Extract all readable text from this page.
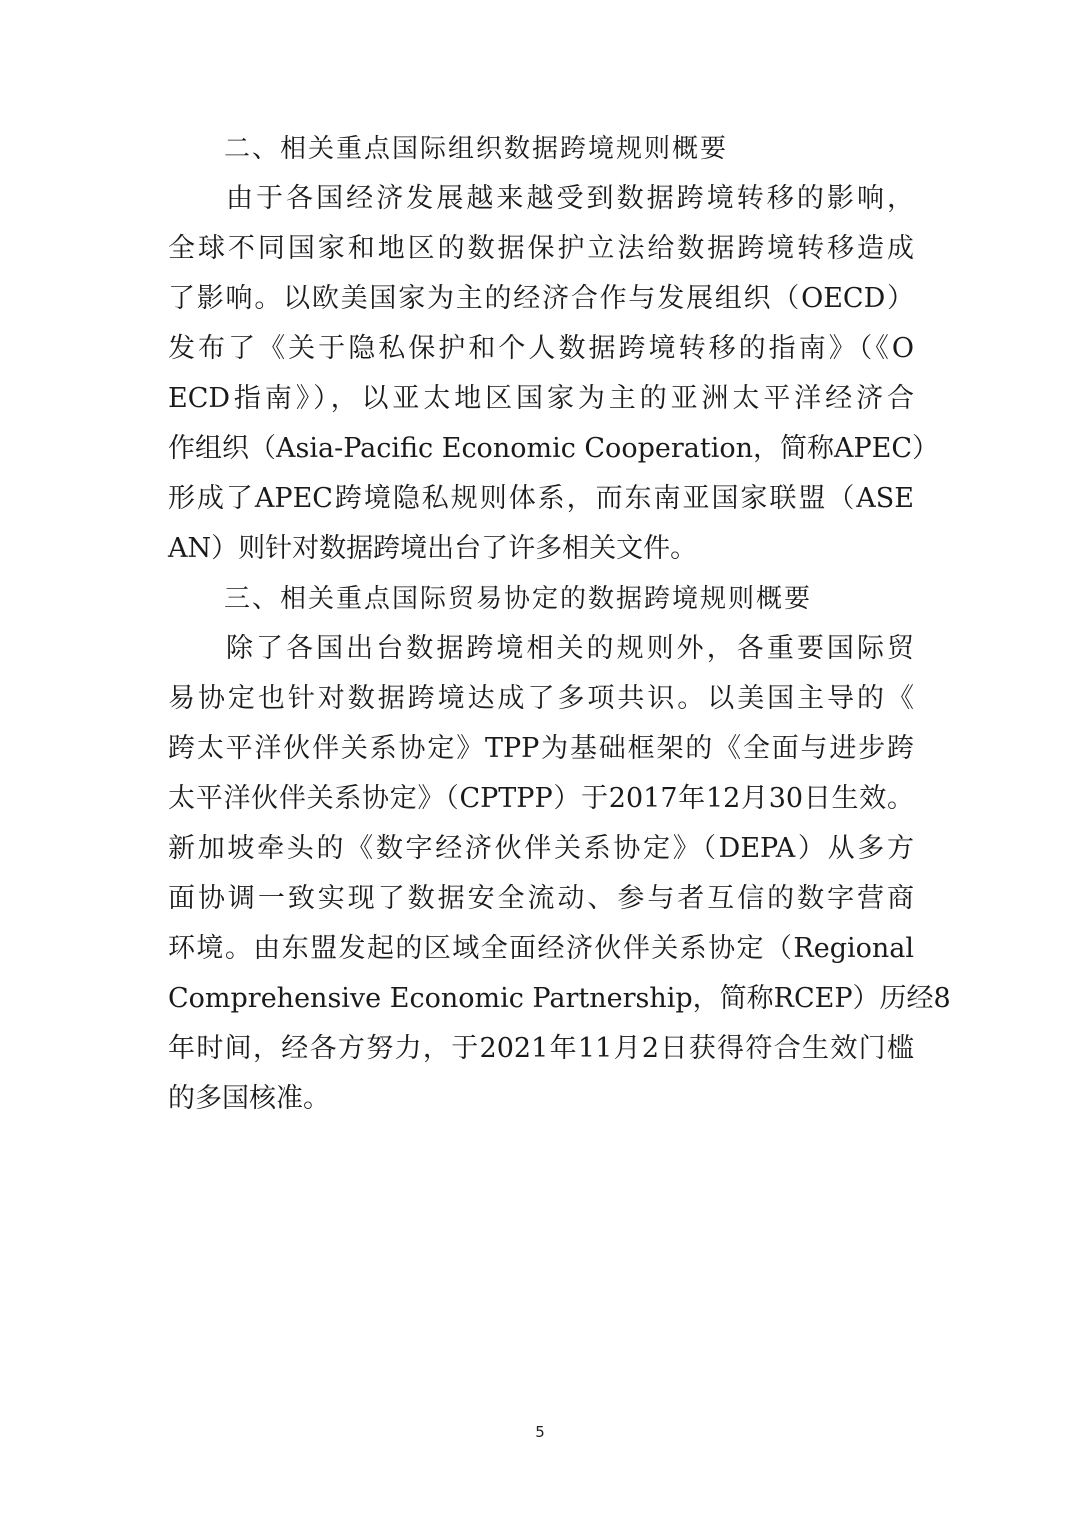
二、相关重点国际组织数据跨境规则概要
由于各国经济发展越来越受到数据跨境转移的影响，
全球不同国家和地区的数据保护立法给数据跨境转移造成
了影响。以欧美国家为主的经济合作与发展组织（OECD）
发布了《关于隐私保护和个人数据跨境转移的指南》（《O
ECD指南》），以亚太地区国家为主的亚洲太平洋经济合
作组织（Asia-Pacific Economic Cooperation，简称APEC）
形成了APEC跨境隐私规则体系，而东南亚国家联盟（ASE
AN）则针对数据跨境出台了许多相关文件。
三、相关重点国际贸易协定的数据跨境规则概要
除了各国出台数据跨境相关的规则外，各重要国际贸
易协定也针对数据跨境达成了多项共识。以美国主导的《
跨太平洋伙伴关系协定》TPP为基础框架的《全面与进步跨
太平洋伙伴关系协定》（CPTPP）于2017年12月30日生效。
新加坡牵头的《数字经济伙伴关系协定》（DEPA）从多方
面协调一致实现了数据安全流动、参与者互信的数字营商
环境。由东盟发起的区域全面经济伙伴关系协定（Regional
Comprehensive Economic Partnership，简称RCEP）历经8
年时间，经各方努力，于2021年11月2日获得符合生效门槛
的多国核准。
5
